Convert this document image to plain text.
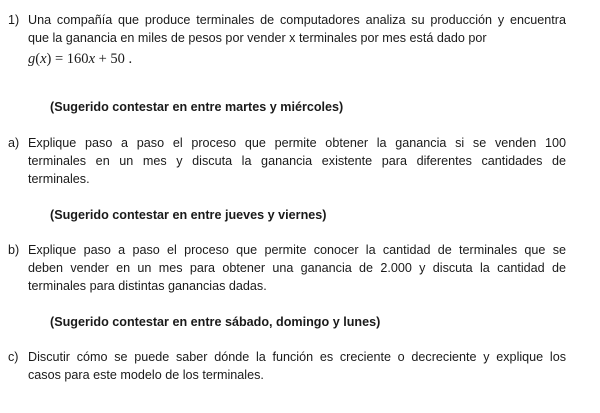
1) Una compañía que produce terminales de computadores analiza su producción y encuentra
que la ganancia en miles de pesos por vender x terminales por mes está dado por
g(x) = 160x + 50 .
(Sugerido contestar en entre martes y miércoles)
a) Explique paso a paso el proceso que permite obtener la ganancia si se venden 100
terminales en un mes y discuta la ganancia existente para diferentes cantidades de
terminales.
(Sugerido contestar en entre jueves y viernes)
b) Explique paso a paso el proceso que permite conocer la cantidad de terminales que se
deben vender en un mes para obtener una ganancia de 2.000 y discuta la cantidad de
terminales para distintas ganancias dadas.
(Sugerido contestar en entre sábado, domingo y lunes)
c) Discutir cómo se puede saber dónde la función es creciente o decreciente y explique los
casos para este modelo de los terminales.
